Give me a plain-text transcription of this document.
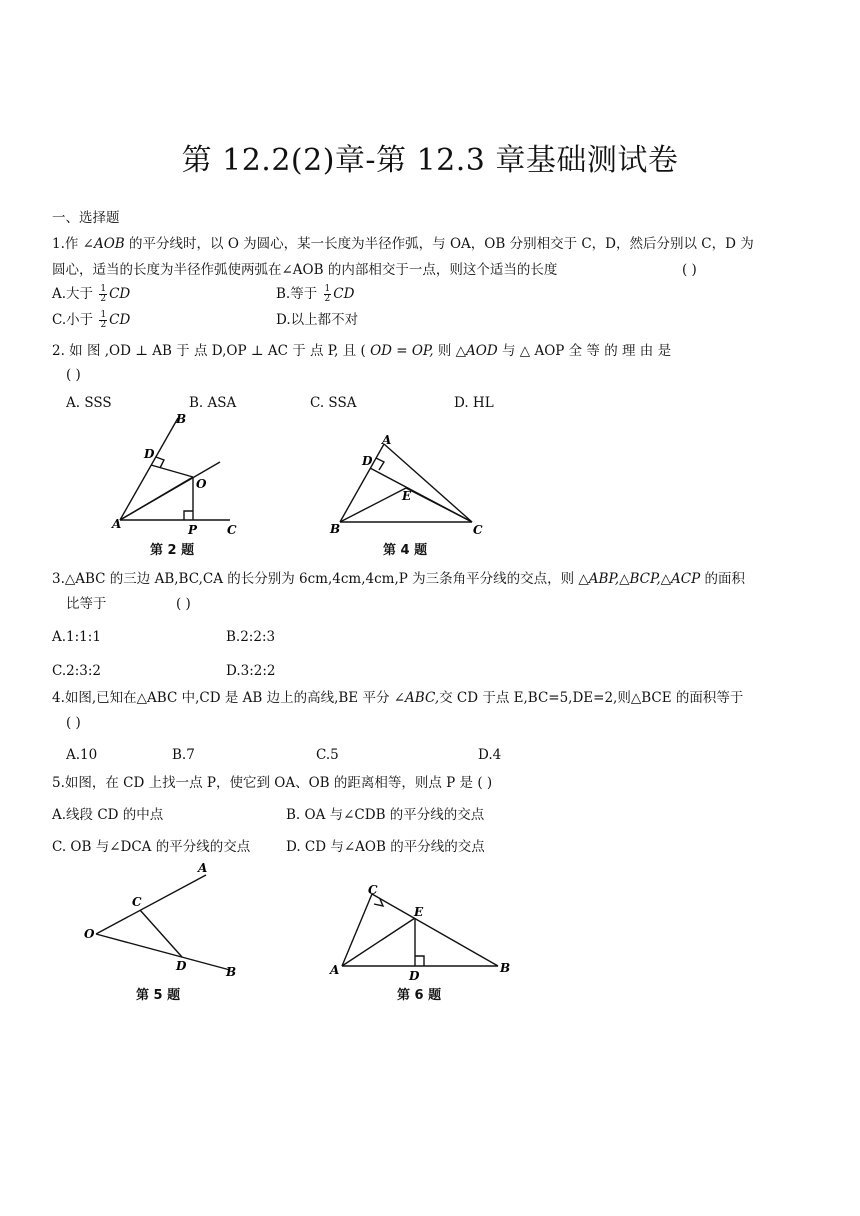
第 12.2(2)章-第 12.3 章基础测试卷
一、选择题
1.作 ∠AOB 的平分线时，以 O 为圆心，某一长度为半径作弧，与 OA，OB 分别相交于 C，D，然后分别以 C，D 为
圆心，适当的长度为半径作弧使两弧在∠AOB 的内部相交于一点，则这个适当的长度	( )
A.大于 $\frac{1}{2}$ CD	B.等于 $\frac{1}{2}$ CD
C.小于 $\frac{1}{2}$ CD	D.以上都不对
2. 如 图 ,OD ⊥ AB 于 点 D,OP ⊥ AC 于 点 P, 且 ( OD = OP, 则 △AOD 与 △ AOP 全 等 的 理 由 是
( )
A. SSS	B. ASA	C. SSA	D. HL
B
D
O
A	P C
第 2 题
A
D
E
B	C
第 4 题
3.△ABC 的三边 AB,BC,CA 的长分别为 6cm,4cm,4cm,P 为三条角平分线的交点，则 △ABP,△BCP,△ACP 的面积
比等于	( )
A.1:1:1	B.2:2:3
C.2:3:2	D.3:2:2
4.如图,已知在△ABC 中,CD 是 AB 边上的高线,BE 平分 ∠ABC,交 CD 于点 E,BC=5,DE=2,则△BCE 的面积等于
( )
A.10	B.7	C.5	D.4
5.如图，在 CD 上找一点 P，使它到 OA、OB 的距离相等，则点 P 是 ( )
A.线段 CD 的中点	B. OA 与∠CDB 的平分线的交点
C. OB 与∠DCA 的平分线的交点	D. CD 与∠AOB 的平分线的交点
A
C
O
D	B
第 5 题
C
E
A	D
B
第 6 题
